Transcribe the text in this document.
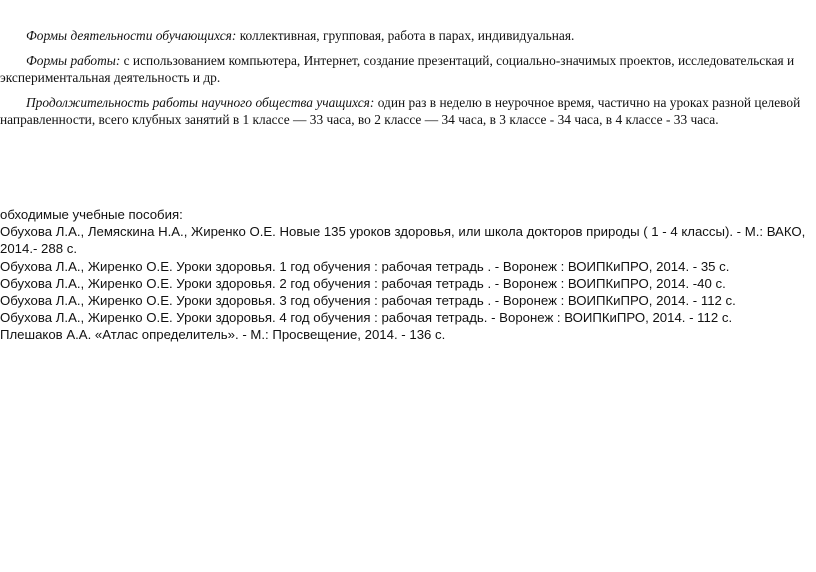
Формы деятельности обучающихся: коллективная, групповая, работа в парах, индивидуальная.

Формы работы: с использованием компьютера, Интернет, создание презентаций, социально-значимых проектов, исследовательская и экспериментальная деятельность и др.

Продолжительность работы научного общества учащихся: один раз в неделю в неурочное время, частично на уроках разной целевой направленности, всего клубных занятий в 1 классе — 33 часа, во 2 классе — 34 часа, в 3 классе - 34 часа, в 4 классе - 33 часа.

обходимые учебные пособия:

Обухова Л.А., Лемяскина Н.А., Жиренко О.Е. Новые 135 уроков здоровья, или школа докторов природы ( 1 - 4 классы). - М.: ВАКО, 2014.- 288 с.

Обухова Л.А., Жиренко О.Е. Уроки здоровья. 1 год обучения : рабочая тетрадь . - Воронеж : ВОИПКиПРО, 2014. - 35 с.

Обухова Л.А., Жиренко О.Е. Уроки здоровья. 2 год обучения : рабочая тетрадь . - Воронеж : ВОИПКиПРО, 2014. -40 с.

Обухова Л.А., Жиренко О.Е. Уроки здоровья. 3 год обучения : рабочая тетрадь . - Воронеж : ВОИПКиПРО, 2014. - 112 с.

Обухова Л.А., Жиренко О.Е. Уроки здоровья. 4 год обучения : рабочая тетрадь. - Воронеж : ВОИПКиПРО, 2014. - 112 с.

Плешаков А.А. «Атлас определитель». - М.: Просвещение, 2014. - 136 с.
